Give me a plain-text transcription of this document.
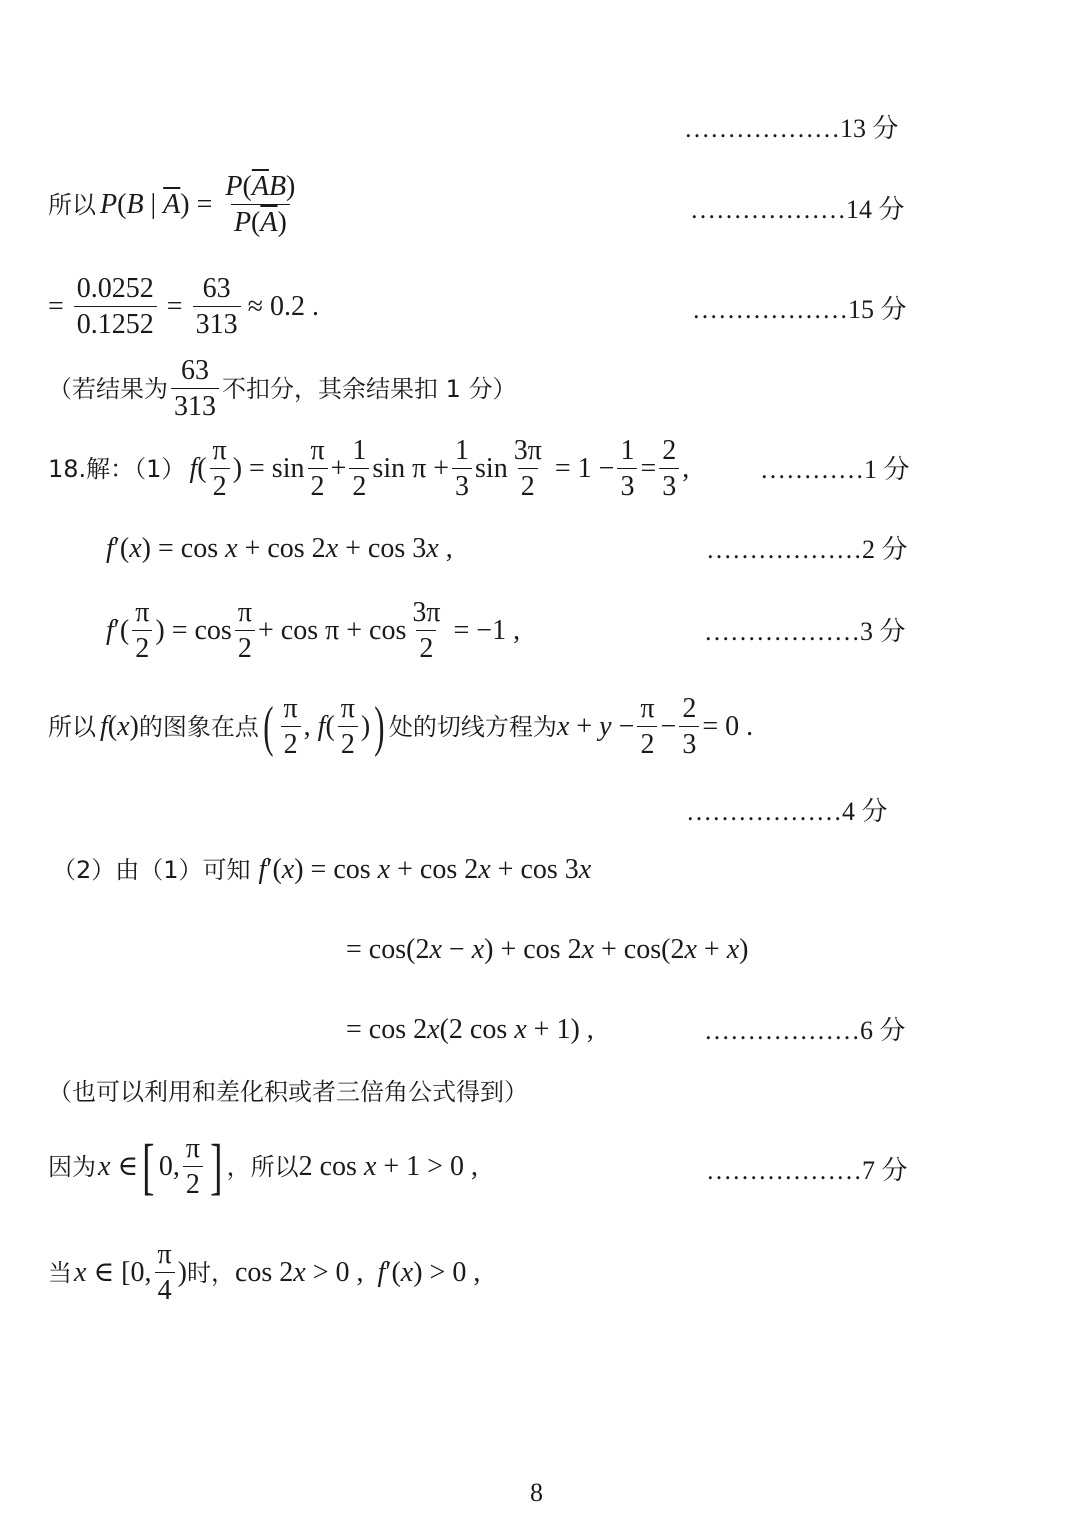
………………13 分
所以 P ( B | $\overline{A}$ ) = $\frac{P(\overline{A}B)}{P(\overline{A})}$	………………14 分
= $\frac{0.0252}{0.1252} = \frac{63}{313} \approx 0.2$ .	………………15 分
（若结果为 $\frac{63}{313}$ 不扣分，其余结果扣 1 分）
18.解：（1） f ( $\frac{\pi}{2}$ ) = $\sin \frac{\pi}{2} + \frac{1}{2}$ $\sin \pi + \frac{1}{3}$ $\sin \frac{3\pi}{2} = 1 - \frac{1}{3} = \frac{2}{3}$ ,	…………1 分
f ′( x ) = cos x + cos 2 x + cos 3 x ,	………………2 分
f ′( $\frac{\pi}{2}$ ) = $\cos \frac{\pi}{2} + \cos \pi + \cos \frac{3\pi}{2} = -1$ ,	………………3 分
所以 f ( x ) 的图象在点 ( $\frac{\pi}{2}$ , f ( $\frac{\pi}{2}$ ) ) 处的切线方程为 $x + y - \frac{\pi}{2} - \frac{2}{3} = 0$ .
………………4 分
（2）由（1）可知 f ′( x ) = cos x + cos 2 x + cos 3 x
= cos(2 x − x ) + cos 2 x + cos(2 x + x )
= cos 2 x (2 cos x + 1) ,	………………6 分
（也可以利用和差化积或者三倍角公式得到）
因为 x ∈ [ 0, $\frac{\pi}{2}$ ] ，所以 2 cos x + 1 > 0 ,	………………7 分
当 x ∈ [0, $\frac{\pi}{4}$ ) 时， cos 2 x > 0 , f ′( x ) > 0 ,
8
